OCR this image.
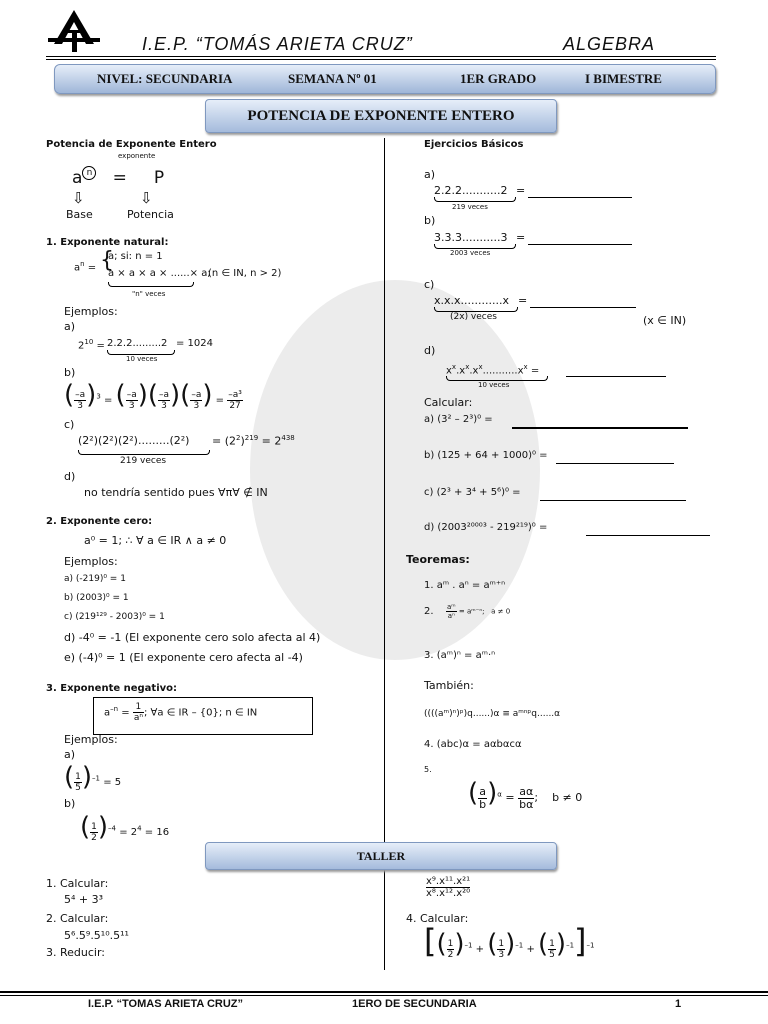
I.E.P. “TOMÁS ARIETA CRUZ”	ALGEBRA
NIVEL: SECUNDARIA	SEMANA Nº 01	1ER GRADO	I BIMESTRE
POTENCIA DE EXPONENTE ENTERO
Potencia de Exponente Entero
exponente
a n   =     P
⇩	⇩
Base	Potencia
1. Exponente natural:
$a^n$ = {
a; si: n = 1
a × a × a × ......× a;
(n ∈ IN, n > 2)
"n" veces
Ejemplos:
a)
$2^{10} = 2.2.2.........2 = 1024$
10 veces
b)
( $\frac{-a}{3} )^3$ = ( $\frac{-a}{3}$ )( $\frac{-a}{3}$ )( $\frac{-a}{3}$ ) = $\frac{\text{–a³}}{27}$
c)
$(2^2)(2^2)(2^2).........(2^2) = (2^2)^{219} = 2^{438}$
219 veces
d)
no tendría sentido pues ∀π∀ ∉ IN
2. Exponente cero:
a⁰ = 1; ∴ ∀ a ∈ IR ∧ a ≠ 0
Ejemplos:
a) (-219)⁰ = 1
b) (2003)⁰ = 1
c) (219¹²⁹ - 2003)⁰ = 1
d) -4⁰ = -1 (El exponente cero solo afecta al 4)
e) (-4)⁰ = 1 (El exponente cero afecta al -4)
3. Exponente negativo:
$a^{-n} = \frac{1}{\text{aⁿ}}$ ; ∀a ∈ IR – {0}; n ∈ IN
Ejemplos:
a)
( $\frac{1}{5} )^{-1} = 5$
b)
( $\frac{1}{2} )^{-4} = 2^4 = 16$
Ejercicios Básicos
a)
2.2.2...........2 =
219 veces
b)
3.3.3...........3 =
2003 veces
c)
x.x.x............x =
(2x) veces	(x ∈ IN)
d)
$x^x.x^x.x^x...........x^x$ =
10 veces
Calcular:
a) (3² – 2³)⁰ =
b) (125 + 64 + 1000)⁰ =
c) (2³ + 3⁴ + 5⁶)⁰ =
d) (2003²⁰⁰⁰³ - 219²¹⁹)⁰ =
Teoremas:
1. aᵐ . aⁿ = aᵐ⁺ⁿ
2. $\frac{\text{aᵐ}}{\text{aⁿ}}$ = aᵐ⁻ⁿ;   a ≠ 0
3. (aᵐ)ⁿ = aᵐ·ⁿ
También:
((((aᵐ)ⁿ)ᵖ)q......)α ≡ aᵐⁿᵖq......α
4. (abc)α = aαbαcα
5.
( $\frac{a}{b} )^\alpha = \frac{a\alpha}{b\alpha}$ ;    b ≠ 0
TALLER
1. Calcular:
5⁴ + 3³
2. Calcular:
5⁶.5⁹.5¹⁰.5¹¹
3. Reducir:
$\frac{\text{x⁹.x¹¹.x²¹}}{\text{x⁸.x¹².x²⁰}}$
4. Calcular:
[( $\frac{1}{2} )^{-1}$ + ( $\frac{1}{3} )^{-1}$ + ( $\frac{1}{5} )^{-1}]^{-1}$
I.E.P. “TOMAS ARIETA CRUZ”	1ERO DE SECUNDARIA	1
